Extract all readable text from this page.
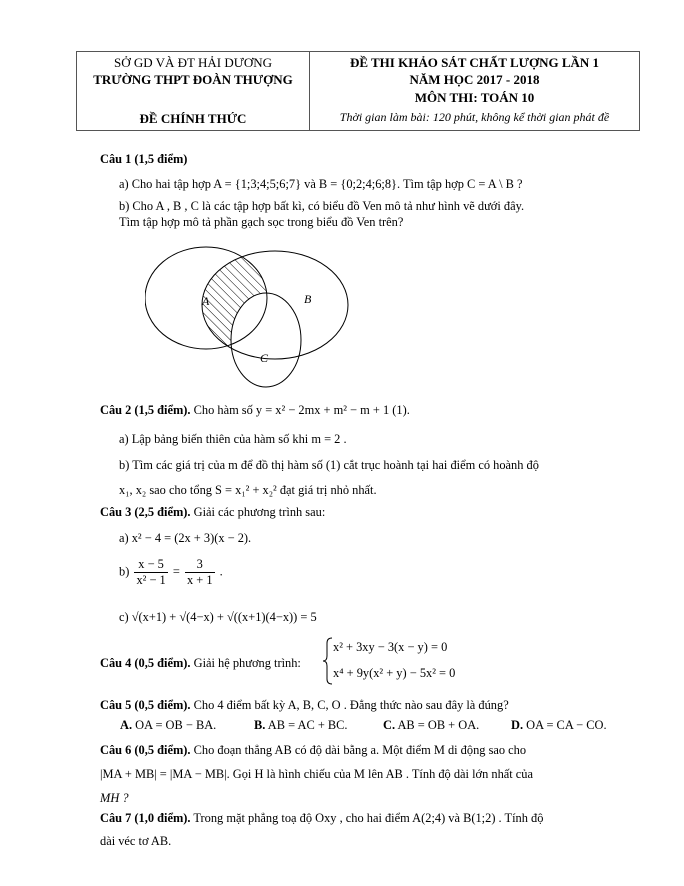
SỞ GD VÀ ĐT HẢI DƯƠNG
TRƯỜNG THPT ĐOÀN THƯỢNG
ĐỀ CHÍNH THỨC
ĐỀ THI KHẢO SÁT CHẤT LƯỢNG LẦN 1
NĂM HỌC 2017 - 2018
MÔN THI: TOÁN 10
Thời gian làm bài: 120 phút, không kể thời gian phát đề
Câu 1 (1,5 điểm)
a) Cho hai tập hợp A = {1;3;4;5;6;7} và B = {0;2;4;6;8}. Tìm tập hợp C = A \ B ?
b) Cho A , B , C là các tập hợp bất kì, có biểu đồ Ven mô tả như hình vẽ dưới đây.
Tìm tập hợp mô tả phần gạch sọc trong biểu đồ Ven trên?
A	B
C
Câu 2 (1,5 điểm). Cho hàm số y = x² − 2mx + m² − m + 1 (1).
a) Lập bảng biến thiên của hàm số khi m = 2 .
b) Tìm các giá trị của m để đồ thị hàm số (1) cắt trục hoành tại hai điểm có hoành độ
x₁, x₂ sao cho tổng S = x₁² + x₂² đạt giá trị nhỏ nhất.
Câu 3 (2,5 điểm). Giải các phương trình sau:
a) x² − 4 = (2x + 3)(x − 2).
$b) \frac{x - 5}{\text{x² − 1}} = \frac{3}{x + 1}$ .
c) √(x+1) + √(4−x) + √((x+1)(4−x)) = 5
Câu 4 (0,5 điểm). Giải hệ phương trình:
x² + 3xy − 3(x − y) = 0
x⁴ + 9y(x² + y) − 5x² = 0
Câu 5 (0,5 điểm). Cho 4 điểm bất kỳ A, B, C, O . Đẳng thức nào sau đây là đúng?
A. OA = OB − BA.	B. AB = AC + BC.	C. AB = OB + OA.	D. OA = CA − CO.
Câu 6 (0,5 điểm). Cho đoạn thẳng AB có độ dài bằng a. Một điểm M di động sao cho
|MA + MB| = |MA − MB|. Gọi H là hình chiếu của M lên AB . Tính độ dài lớn nhất của
MH ?
Câu 7 (1,0 điểm). Trong mặt phẳng toạ độ Oxy , cho hai điểm A(2;4) và B(1;2) . Tính độ
dài véc tơ AB.
